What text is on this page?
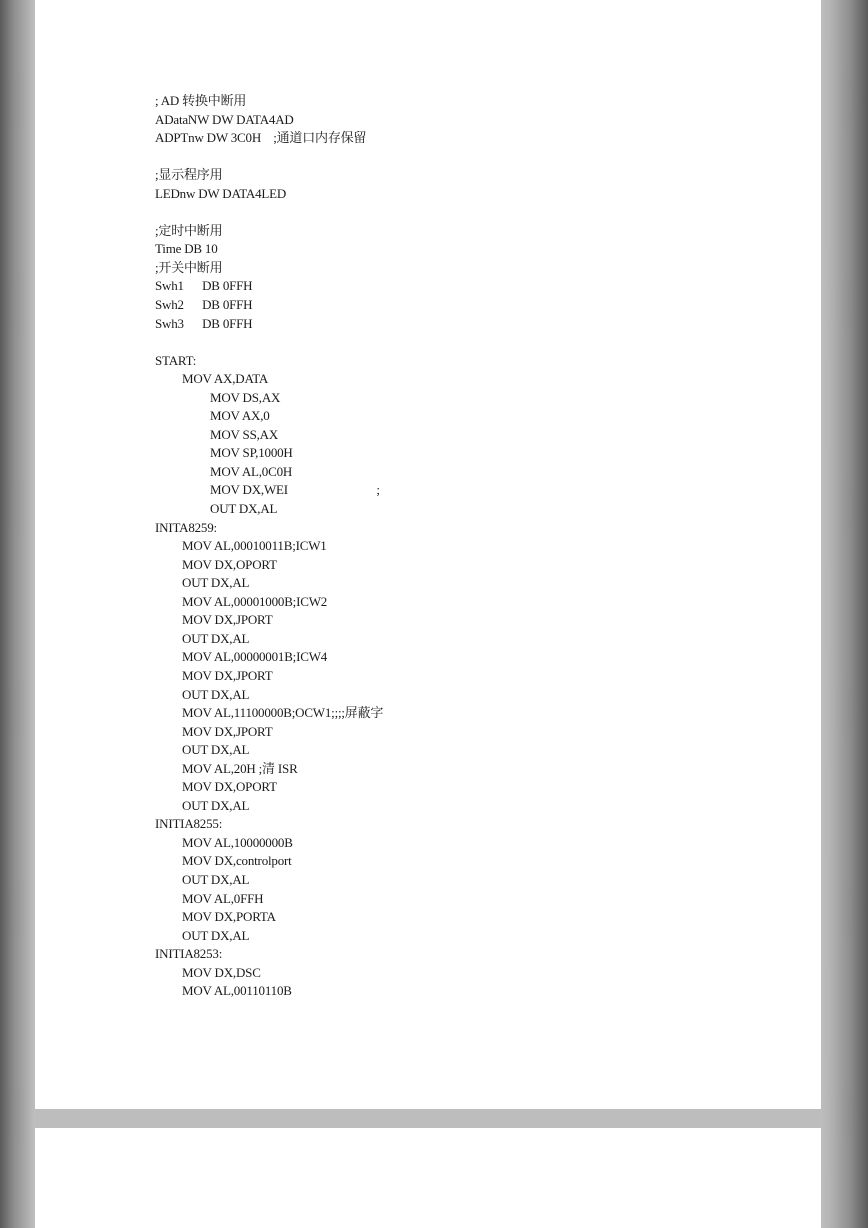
; AD 转换中断用
ADataNW DW DATA4AD
ADPTnw DW 3C0H    ;通道口内存保留
;显示程序用
LEDnw DW DATA4LED
;定时中断用
Time DB 10
;开关中断用
Swh1      DB 0FFH
Swh2      DB 0FFH
Swh3      DB 0FFH
START:
MOV AX,DATA
MOV DS,AX
MOV AX,0
MOV SS,AX
MOV SP,1000H
MOV AL,0C0H
MOV DX,WEI                             ;
OUT DX,AL
INITA8259:
MOV AL,00010011B;ICW1
MOV DX,OPORT
OUT DX,AL
MOV AL,00001000B;ICW2
MOV DX,JPORT
OUT DX,AL
MOV AL,00000001B;ICW4
MOV DX,JPORT
OUT DX,AL
MOV AL,11100000B;OCW1;;;;屏蔽字
MOV DX,JPORT
OUT DX,AL
MOV AL,20H ;清 ISR
MOV DX,OPORT
OUT DX,AL
INITIA8255:
MOV AL,10000000B
MOV DX,controlport
OUT DX,AL
MOV AL,0FFH
MOV DX,PORTA
OUT DX,AL
INITIA8253:
MOV DX,DSC
MOV AL,00110110B
